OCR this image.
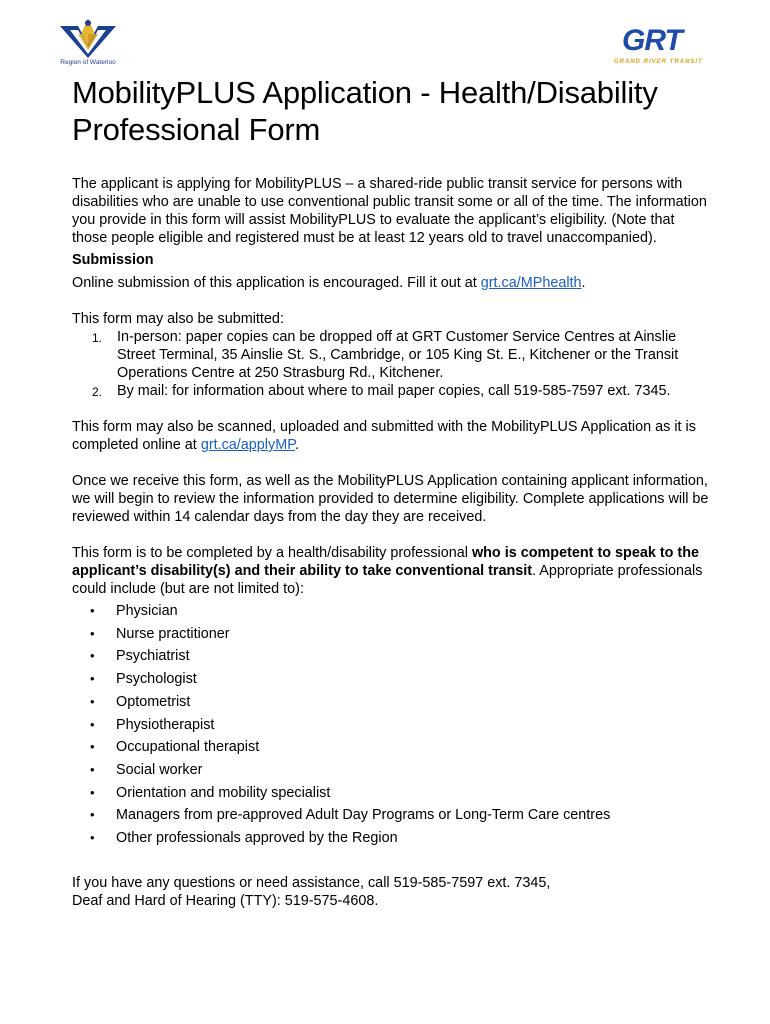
Region of Waterloo
GRT
GRAND RIVER TRANSIT
MobilityPLUS Application - Health/Disability Professional Form

The applicant is applying for MobilityPLUS – a shared-ride public transit service for persons with disabilities who are unable to use conventional public transit some or all of the time. The information you provide in this form will assist MobilityPLUS to evaluate the applicant’s eligibility. (Note that those people eligible and registered must be at least 12 years old to travel unaccompanied).

Submission

Online submission of this application is encouraged. Fill it out at grt.ca/MPhealth.

This form may also be submitted:

1. In-person: paper copies can be dropped off at GRT Customer Service Centres at Ainslie Street Terminal, 35 Ainslie St. S., Cambridge, or 105 King St. E., Kitchener or the Transit Operations Centre at 250 Strasburg Rd., Kitchener.
2. By mail: for information about where to mail paper copies, call 519-585-7597 ext. 7345.

This form may also be scanned, uploaded and submitted with the MobilityPLUS Application as it is completed online at grt.ca/applyMP.

Once we receive this form, as well as the MobilityPLUS Application containing applicant information, we will begin to review the information provided to determine eligibility. Complete applications will be reviewed within 14 calendar days from the day they are received.

This form is to be completed by a health/disability professional who is competent to speak to the applicant’s disability(s) and their ability to take conventional transit. Appropriate professionals could include (but are not limited to):

• Physician
• Nurse practitioner
• Psychiatrist
• Psychologist
• Optometrist
• Physiotherapist
• Occupational therapist
• Social worker
• Orientation and mobility specialist
• Managers from pre-approved Adult Day Programs or Long-Term Care centres
• Other professionals approved by the Region

If you have any questions or need assistance, call 519-585-7597 ext. 7345,

Deaf and Hard of Hearing (TTY): 519-575-4608.
